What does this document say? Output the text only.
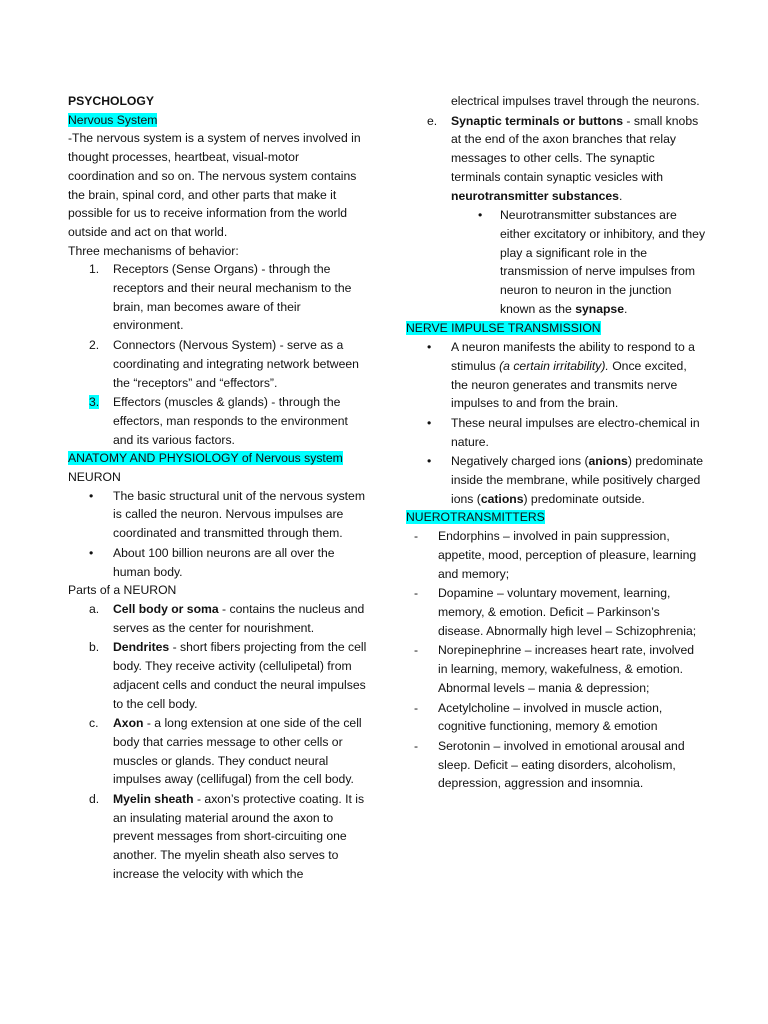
PSYCHOLOGY

Nervous System

-The nervous system is a system of nerves involved in thought processes, heartbeat, visual-motor coordination and so on. The nervous system contains the brain, spinal cord, and other parts that make it possible for us to receive information from the world outside and act on that world.

Three mechanisms of behavior:

1.	Receptors (Sense Organs) - through the receptors and their neural mechanism to the brain, man becomes aware of their environment.
2.	Connectors (Nervous System) - serve as a coordinating and integrating network between the “receptors” and “effectors”.
3.	Effectors (muscles & glands) - through the effectors, man responds to the environment and its various factors.

ANATOMY AND PHYSIOLOGY of Nervous system

NEURON

•	The basic structural unit of the nervous system is called the neuron. Nervous impulses are coordinated and transmitted through them.
•	About 100 billion neurons are all over the human body.

Parts of a NEURON

a.	Cell body or soma - contains the nucleus and serves as the center for nourishment.
b.	Dendrites - short fibers projecting from the cell body. They receive activity (cellulipetal) from adjacent cells and conduct the neural impulses to the cell body.
c.	Axon - a long extension at one side of the cell body that carries message to other cells or muscles or glands. They conduct neural impulses away (cellifugal) from the cell body.
d.	Myelin sheath - axon’s protective coating. It is an insulating material around the axon to prevent messages from short-circuiting one another. The myelin sheath also serves to increase the velocity with which the

electrical impulses travel through the neurons.

e.	Synaptic terminals or buttons - small knobs at the end of the axon branches that relay messages to other cells. The synaptic terminals contain synaptic vesicles with neurotransmitter substances.
•	Neurotransmitter substances are either excitatory or inhibitory, and they play a significant role in the transmission of nerve impulses from neuron to neuron in the junction known as the synapse.

NERVE IMPULSE TRANSMISSION

•	A neuron manifests the ability to respond to a stimulus (a certain irritability). Once excited, the neuron generates and transmits nerve impulses to and from the brain.
•	These neural impulses are electro-chemical in nature.
•	Negatively charged ions (anions) predominate inside the membrane, while positively charged ions (cations) predominate outside.

NUEROTRANSMITTERS

-	Endorphins – involved in pain suppression, appetite, mood, perception of pleasure, learning and memory;
-	Dopamine – voluntary movement, learning, memory, & emotion. Deficit – Parkinson’s disease. Abnormally high level – Schizophrenia;
-	Norepinephrine – increases heart rate, involved in learning, memory, wakefulness, & emotion. Abnormal levels – mania & depression;
-	Acetylcholine – involved in muscle action, cognitive functioning, memory & emotion
-	Serotonin – involved in emotional arousal and sleep. Deficit – eating disorders, alcoholism, depression, aggression and insomnia.
